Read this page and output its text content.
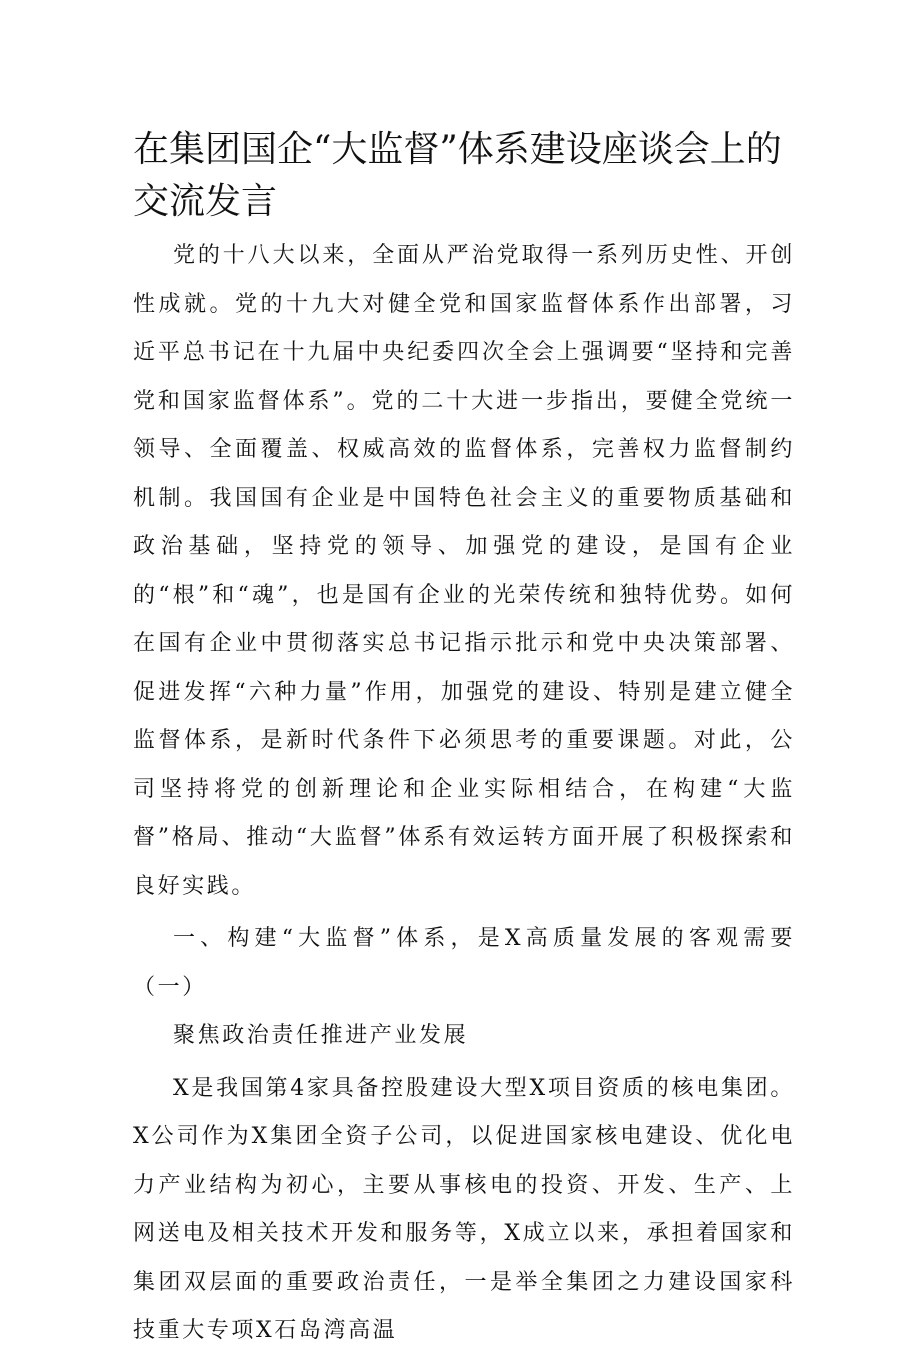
在集团国企“大监督”体系建设座谈会上的交流发言

党的十八大以来，全面从严治党取得一系列历史性、开创性成就。党的十九大对健全党和国家监督体系作出部署，习近平总书记在十九届中央纪委四次全会上强调要“坚持和完善党和国家监督体系”。党的二十大进一步指出，要健全党统一领导、全面覆盖、权威高效的监督体系，完善权力监督制约机制。我国国有企业是中国特色社会主义的重要物质基础和政治基础，坚持党的领导、加强党的建设，是国有企业的“根”和“魂”，也是国有企业的光荣传统和独特优势。如何在国有企业中贯彻落实总书记指示批示和党中央决策部署、促进发挥“六种力量”作用，加强党的建设、特别是建立健全监督体系，是新时代条件下必须思考的重要课题。对此，公司坚持将党的创新理论和企业实际相结合，在构建“大监督”格局、推动“大监督”体系有效运转方面开展了积极探索和良好实践。

一、构建“大监督”体系，是X高质量发展的客观需要（一）

聚焦政治责任推进产业发展

X是我国第4家具备控股建设大型X项目资质的核电集团。X公司作为X集团全资子公司，以促进国家核电建设、优化电力产业结构为初心，主要从事核电的投资、开发、生产、上网送电及相关技术开发和服务等，X成立以来，承担着国家和集团双层面的重要政治责任，一是举全集团之力建设国家科技重大专项X石岛湾高温
